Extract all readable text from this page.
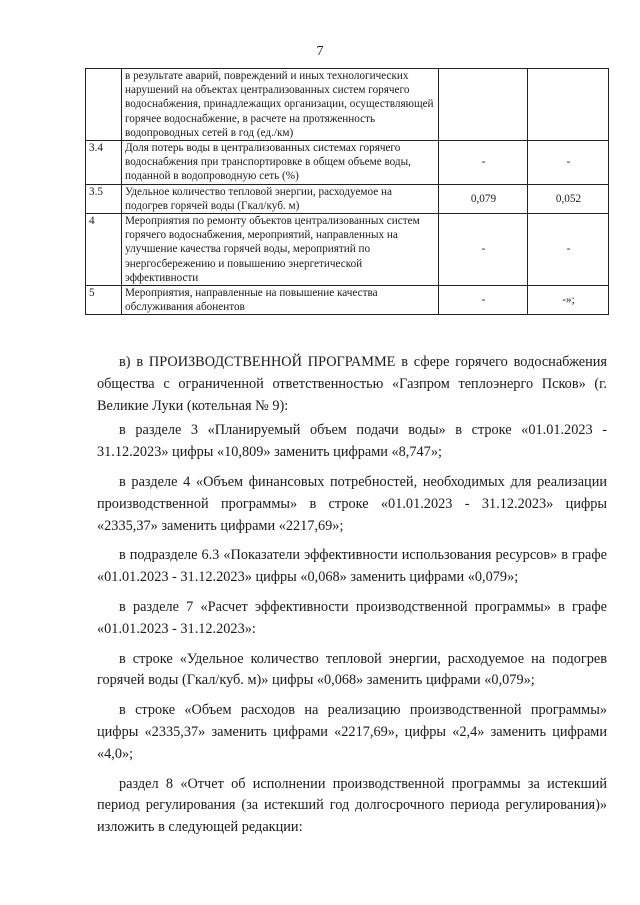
7
	в результате аварий, повреждений и иных технологических нарушений на объектах централизованных систем горячего водоснабжения, принадлежащих организации, осуществляющей горячее водоснабжение, в расчете на протяженность водопроводных сетей в год (ед./км)		
3.4	Доля потерь воды в централизованных системах горячего водоснабжения при транспортировке в общем объеме воды, поданной в водопроводную сеть (%)	-	-
3.5	Удельное количество тепловой энергии, расходуемое на подогрев горячей воды (Гкал/куб. м)	0,079	0,052
4	Мероприятия по ремонту объектов централизованных систем горячего водоснабжения, мероприятий, направленных на улучшение качества горячей воды, мероприятий по энергосбережению и повышению энергетической эффективности	-	-
5	Мероприятия, направленные на повышение качества обслуживания абонентов	-	-»;

в) в ПРОИЗВОДСТВЕННОЙ ПРОГРАММЕ в сфере горячего водоснабжения общества с ограниченной ответственностью «Газпром теплоэнерго Псков» (г. Великие Луки (котельная № 9):

в разделе 3 «Планируемый объем подачи воды» в строке «01.01.2023 - 31.12.2023» цифры «10,809» заменить цифрами «8,747»;

в разделе 4 «Объем финансовых потребностей, необходимых для реализации производственной программы» в строке «01.01.2023 - 31.12.2023» цифры «2335,37» заменить цифрами «2217,69»;

в подразделе 6.3 «Показатели эффективности использования ресурсов» в графе «01.01.2023 - 31.12.2023» цифры «0,068» заменить цифрами «0,079»;

в разделе 7 «Расчет эффективности производственной программы» в графе «01.01.2023 - 31.12.2023»:

в строке «Удельное количество тепловой энергии, расходуемое на подогрев горячей воды (Гкал/куб. м)» цифры «0,068» заменить цифрами «0,079»;

в строке «Объем расходов на реализацию производственной программы» цифры «2335,37» заменить цифрами «2217,69», цифры «2,4» заменить цифрами «4,0»;

раздел 8 «Отчет об исполнении производственной программы за истекший период регулирования (за истекший год долгосрочного периода регулирования)» изложить в следующей редакции:
